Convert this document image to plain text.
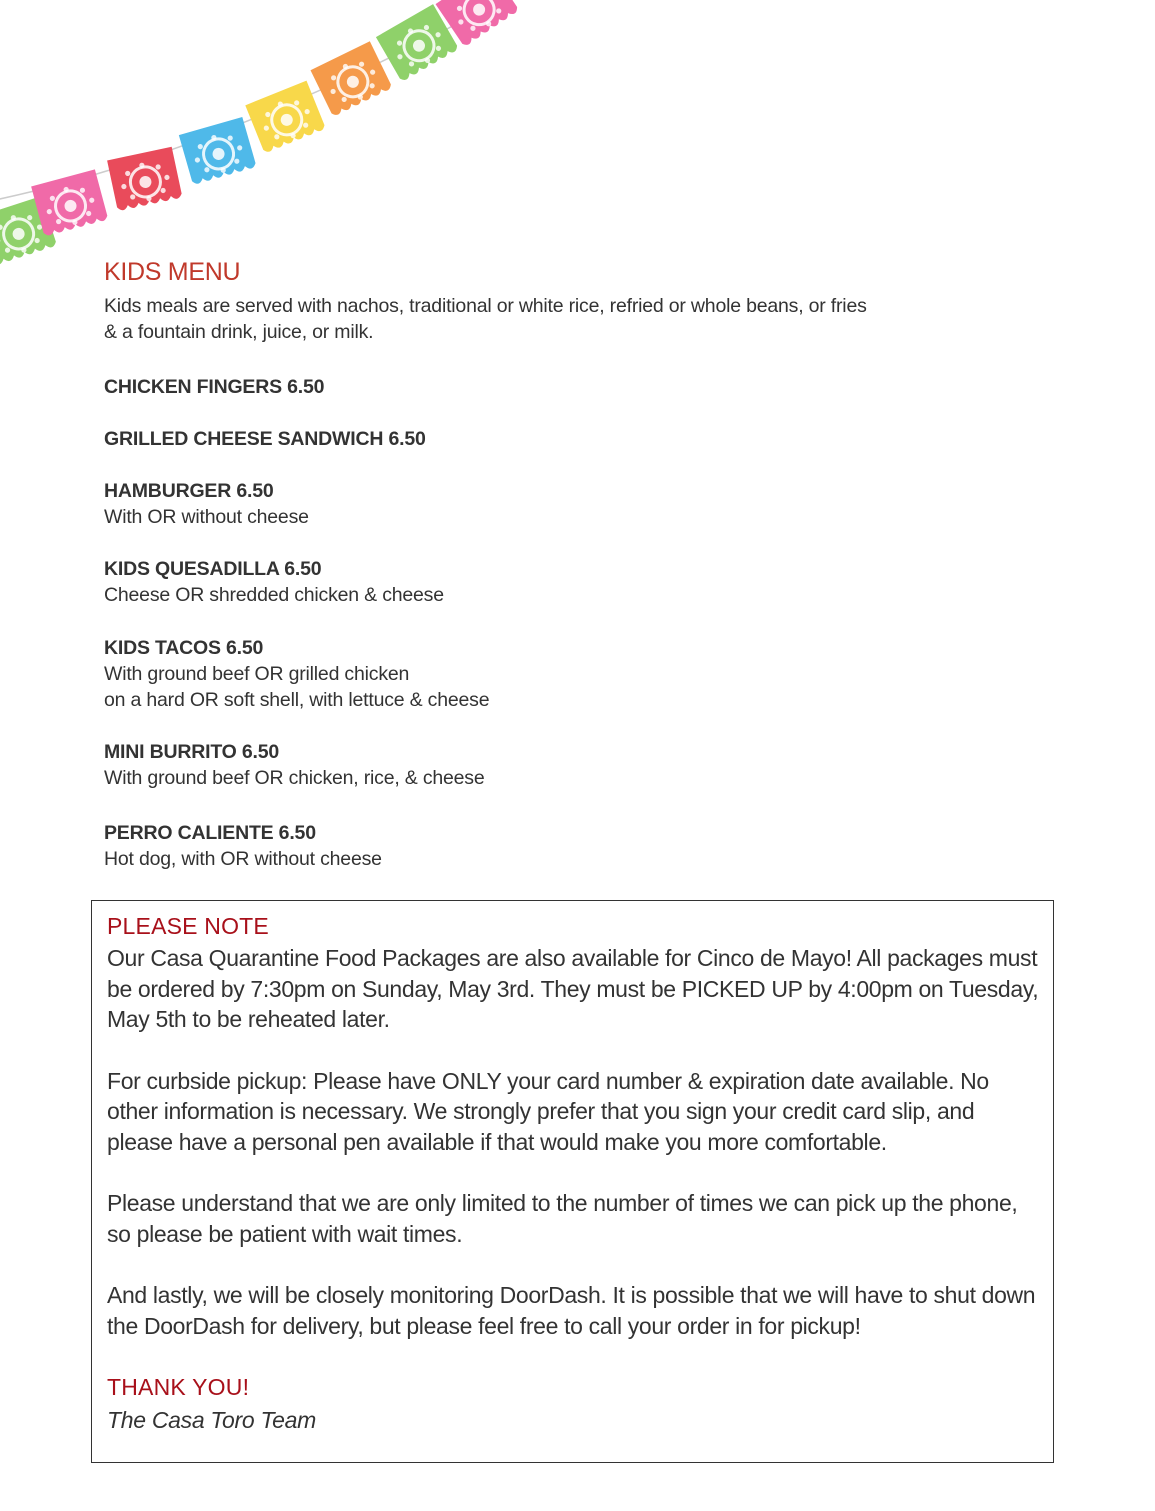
KIDS MENU
Kids meals are served with nachos, traditional or white rice, refried or whole beans, or fries
& a fountain drink, juice, or milk.
CHICKEN FINGERS 6.50
GRILLED CHEESE SANDWICH 6.50
HAMBURGER 6.50
With OR without cheese
KIDS QUESADILLA 6.50
Cheese OR shredded chicken & cheese
KIDS TACOS 6.50
With ground beef OR grilled chicken
on a hard OR soft shell, with lettuce & cheese
MINI BURRITO 6.50
With ground beef OR chicken, rice, & cheese
PERRO CALIENTE 6.50
Hot dog, with OR without cheese
PLEASE NOTE

Our Casa Quarantine Food Packages are also available for Cinco de Mayo! All packages must be ordered by 7:30pm on Sunday, May 3rd. They must be PICKED UP by 4:00pm on Tuesday, May 5th to be reheated later.

For curbside pickup: Please have ONLY your card number & expiration date available. No other information is necessary. We strongly prefer that you sign your credit card slip, and please have a personal pen available if that would make you more comfortable.

Please understand that we are only limited to the number of times we can pick up the phone, so please be patient with wait times.

And lastly, we will be closely monitoring DoorDash. It is possible that we will have to shut down the DoorDash for delivery, but please feel free to call your order in for pickup!

THANK YOU!
The Casa Toro Team
